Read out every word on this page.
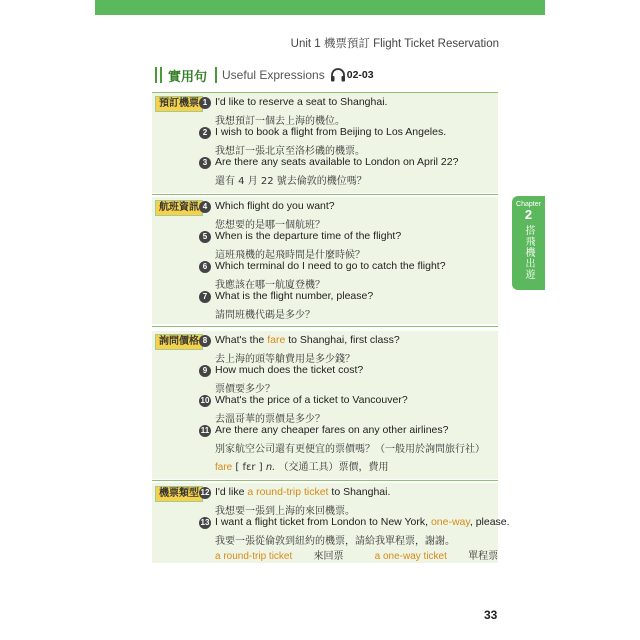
Unit 1 機票預訂 Flight Ticket Reservation
實用句 Useful Expressions 02-03
預訂機票 1 I'd like to reserve a seat to Shanghai.
我想預訂一個去上海的機位。
2 I wish to book a flight from Beijing to Los Angeles.
我想訂一張北京至洛杉磯的機票。
3 Are there any seats available to London on April 22?
還有 4 月 22 號去倫敦的機位嗎？
航班資訊 4 Which flight do you want?
您想要的是哪一個航班？
5 When is the departure time of the flight?
這班飛機的起飛時間是什麼時候？
6 Which terminal do I need to go to catch the flight?
我應該在哪一航廈登機？
7 What is the flight number, please?
請問班機代碼是多少？
詢問價格 8 What's the fare to Shanghai, first class?
去上海的頭等艙費用是多少錢？
9 How much does the ticket cost?
票價要多少？
10 What's the price of a ticket to Vancouver?
去溫哥華的票價是多少？
11 Are there any cheaper fares on any other airlines?
別家航空公司還有更便宜的票價嗎？（一般用於詢問旅行社）
fare [ fɛr ] n. （交通工具）票價，費用
機票類型 12 I'd like a round-trip ticket to Shanghai.
我想要一張到上海的來回機票。
13 I want a flight ticket from London to New York, one-way, please.
我要一張從倫敦到紐約的機票，請給我單程票，謝謝。
a round-trip ticket 來回票	a one-way ticket 單程票
Chapter
2
搭飛機出遊
33
